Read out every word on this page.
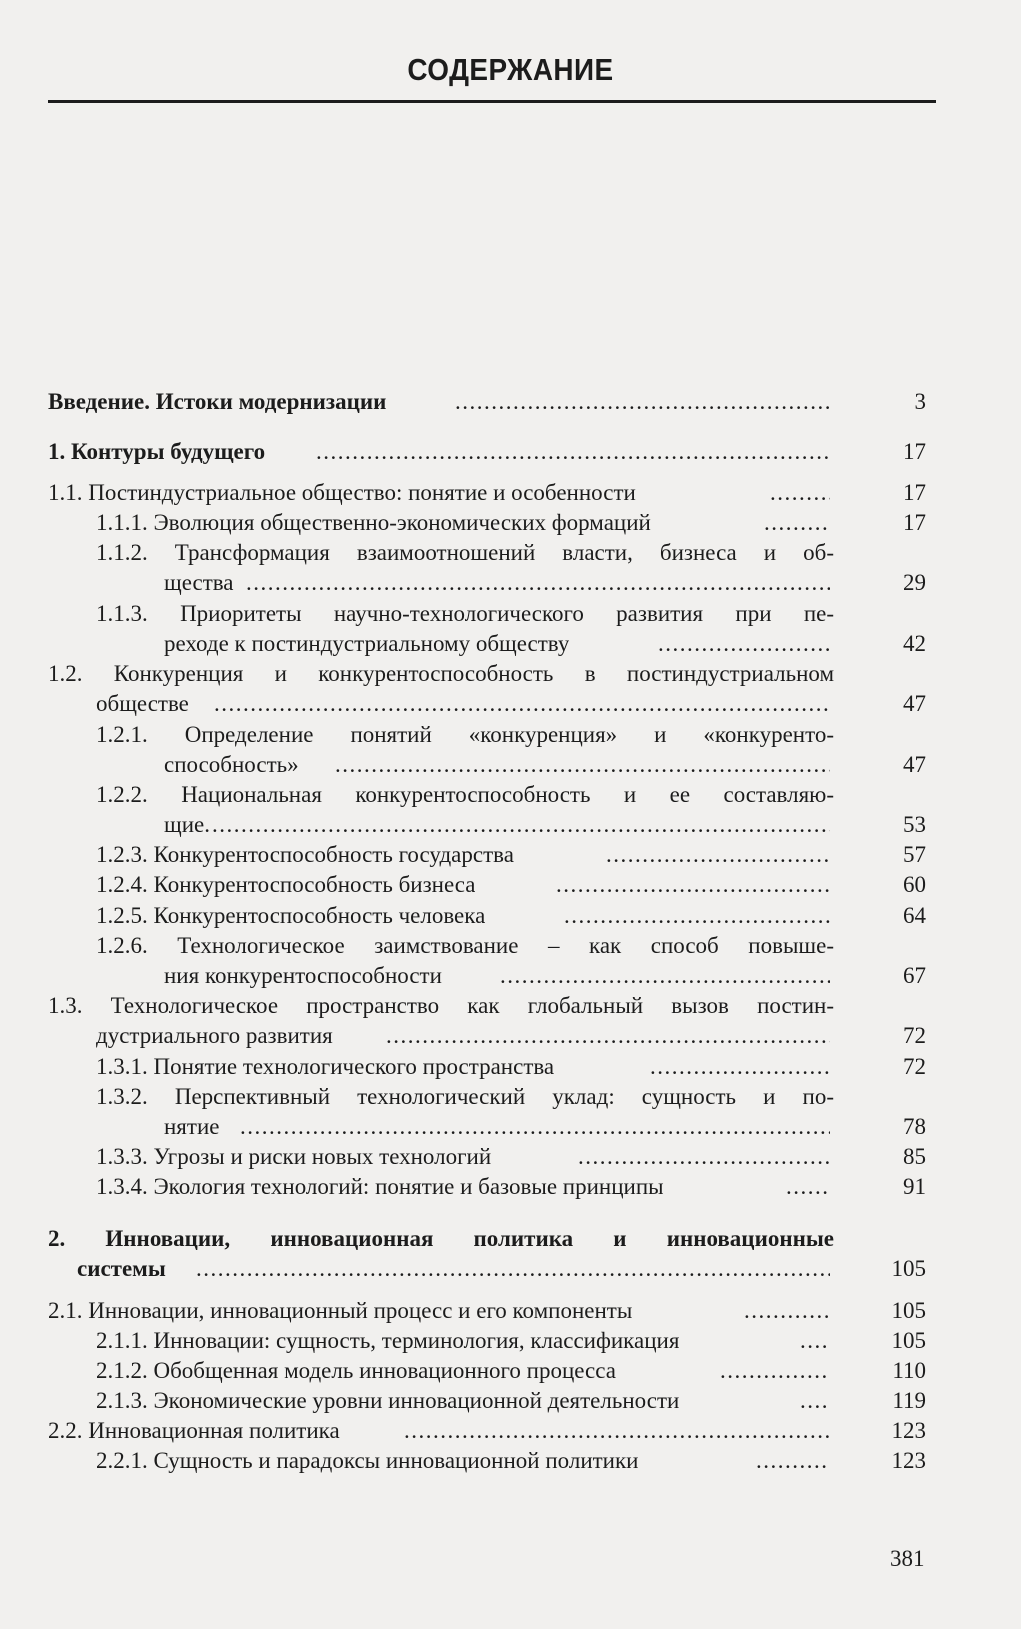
СОДЕРЖАНИЕ
Введение. Истоки модернизации .....	3
1. Контуры будущего .....	17
1.1. Постиндустриальное общество: понятие и особенности .....	17
1.1.1. Эволюция общественно-экономических формаций .....	17
1.1.2. Трансформация взаимоотношений власти, бизнеса и об-
щества .....	29
1.1.3. Приоритеты научно-технологического развития при пе-
реходе к постиндустриальному обществу .....	42
1.2. Конкуренция и конкурентоспособность в постиндустриальном
обществе .....	47
1.2.1. Определение понятий «конкуренция» и «конкуренто-
способность» .....	47
1.2.2. Национальная конкурентоспособность и ее составляю-
щие. .....	53
1.2.3. Конкурентоспособность государства .....	57
1.2.4. Конкурентоспособность бизнеса .....	60
1.2.5. Конкурентоспособность человека .....	64
1.2.6. Технологическое заимствование – как способ повыше-
ния конкурентоспособности .....	67
1.3. Технологическое пространство как глобальный вызов постин-
дустриального развития .....	72
1.3.1. Понятие технологического пространства .....	72
1.3.2. Перспективный технологический уклад: сущность и по-
нятие .....	78
1.3.3. Угрозы и риски новых технологий .....	85
1.3.4. Экология технологий: понятие и базовые принципы .....	91
2. Инновации, инновационная политика и инновационные
системы .....	105
2.1. Инновации, инновационный процесс и его компоненты .....	105
2.1.1. Инновации: сущность, терминология, классификация .....	105
2.1.2. Обобщенная модель инновационного процесса .....	110
2.1.3. Экономические уровни инновационной деятельности .....	119
2.2. Инновационная политика .....	123
2.2.1. Сущность и парадоксы инновационной политики .....	123
381
